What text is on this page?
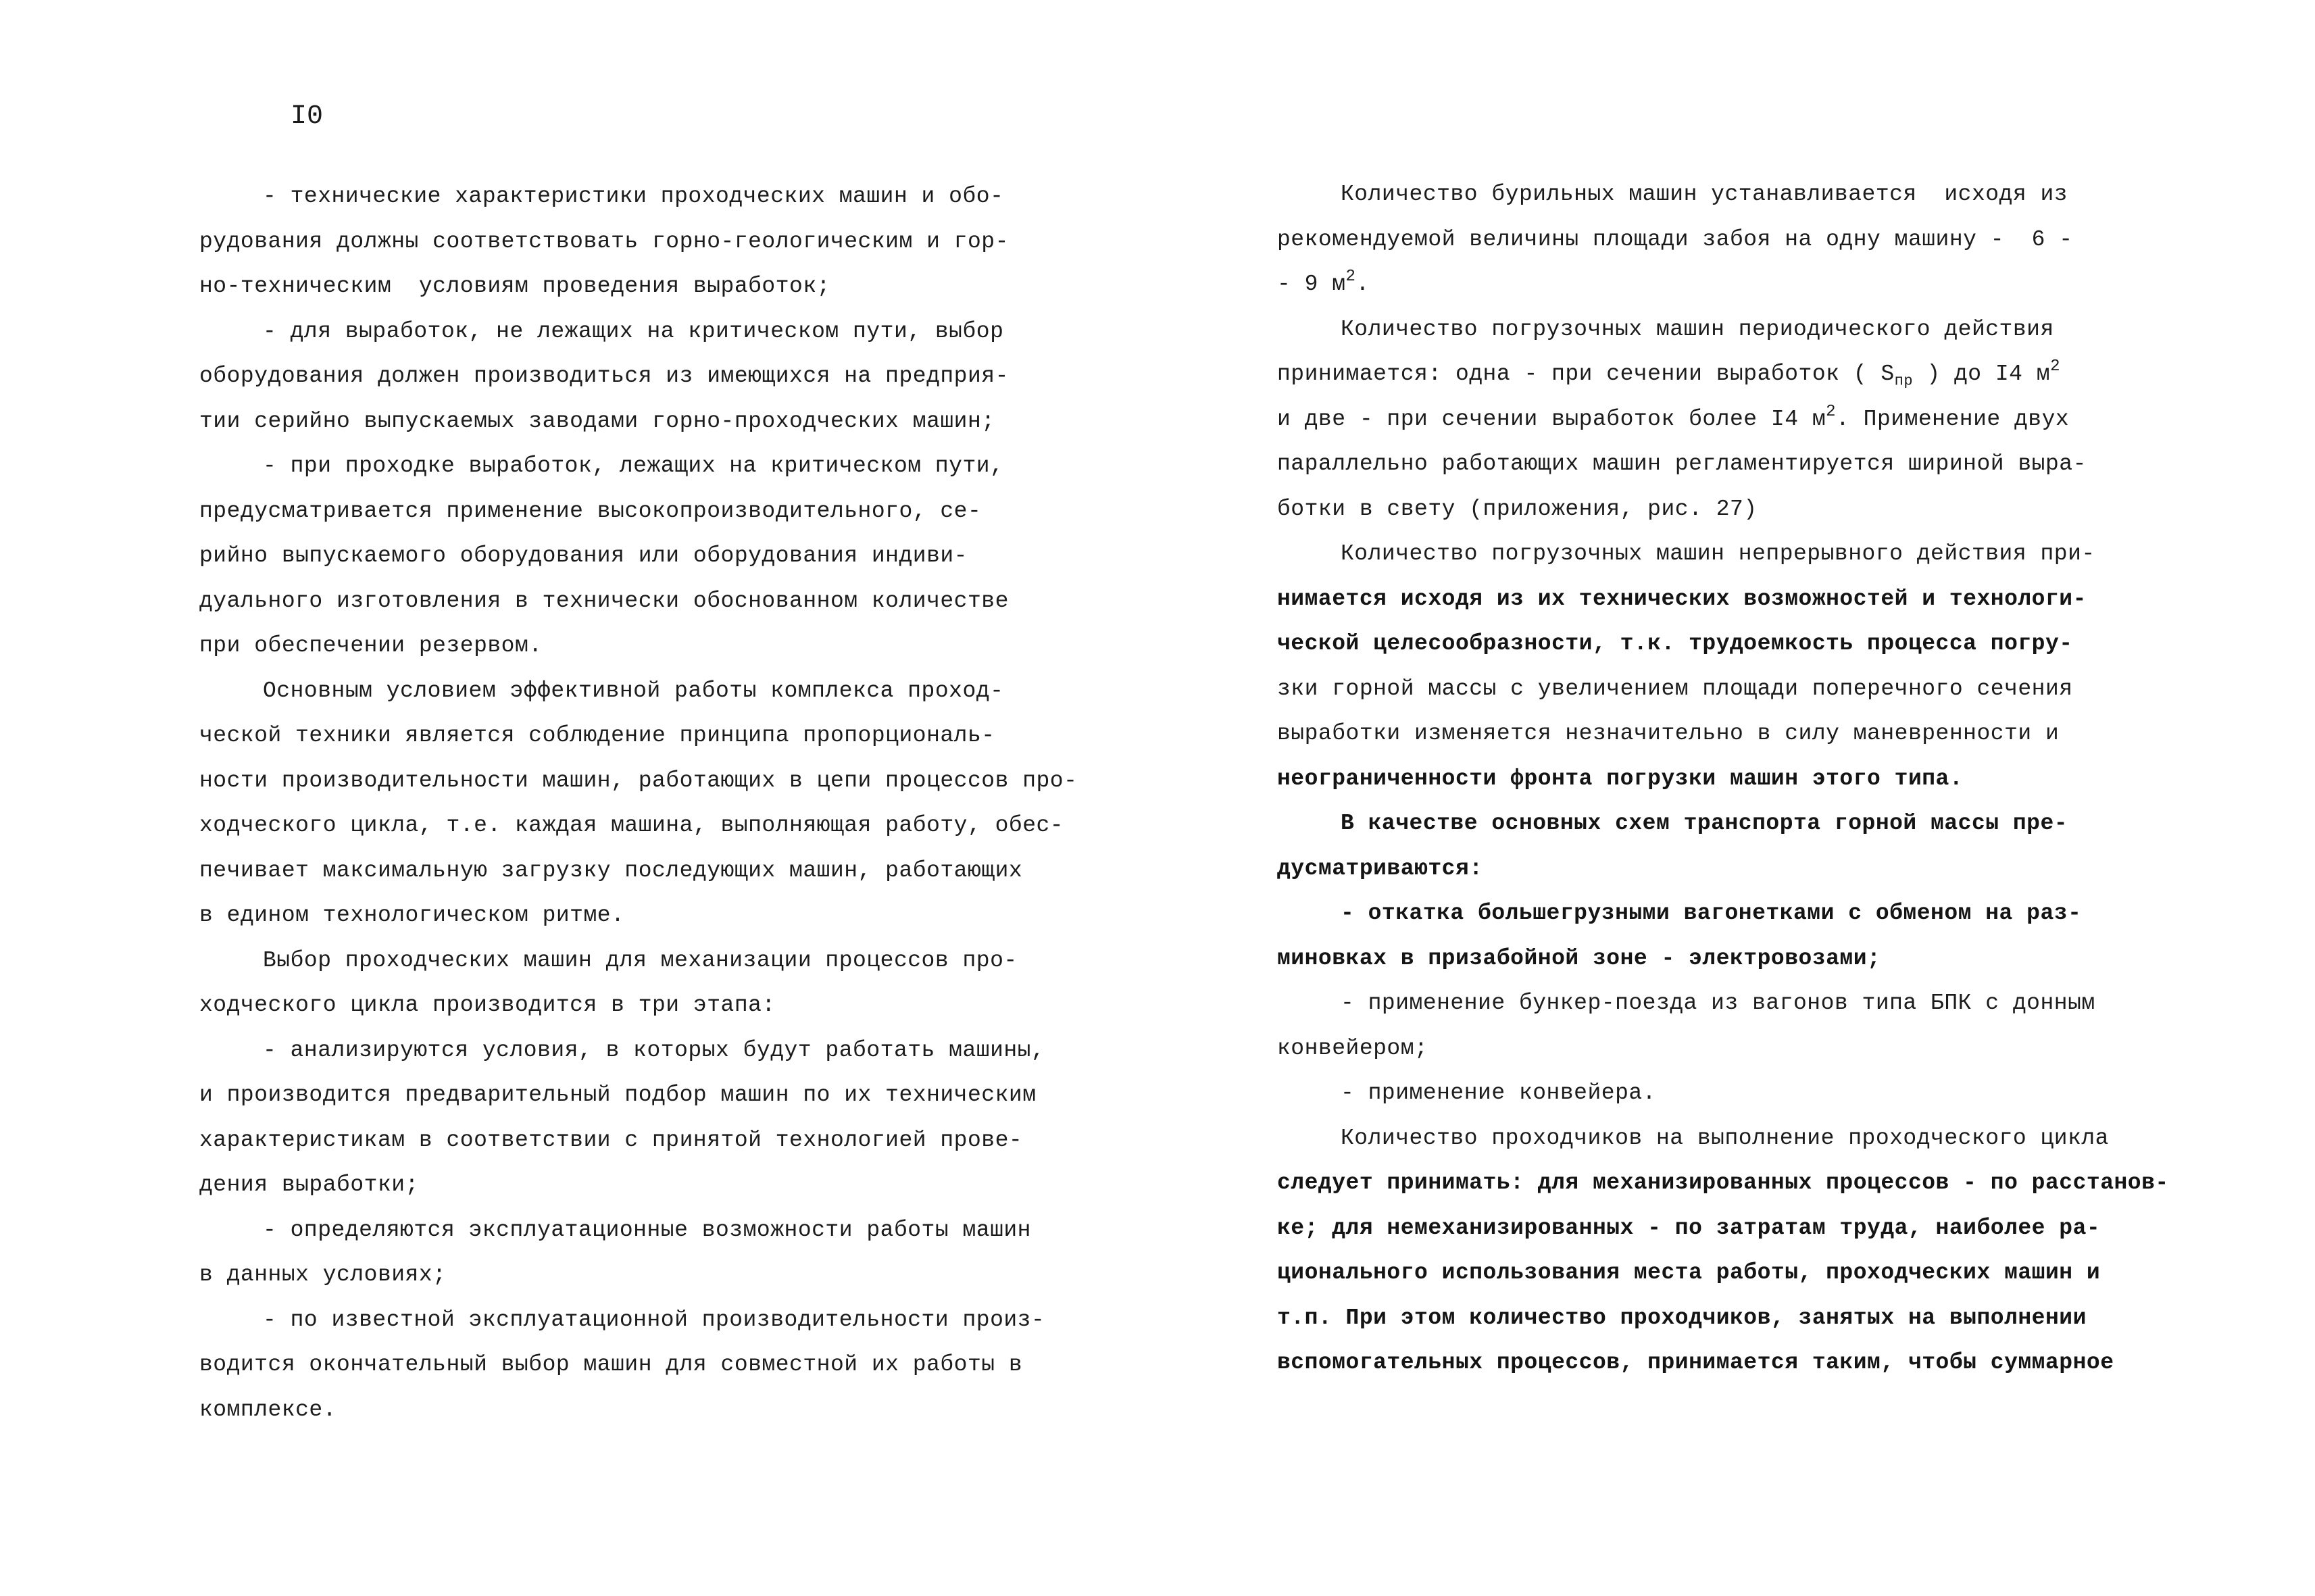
I0
- технические характеристики проходческих машин и обо-
рудования должны соответствовать горно-геологическим и гор-
но-техническим  условиям проведения выработок;
- для выработок, не лежащих на критическом пути, выбор
оборудования должен производиться из имеющихся на предприя-
тии серийно выпускаемых заводами горно-проходческих машин;
- при проходке выработок, лежащих на критическом пути,
предусматривается применение высокопроизводительного, се-
рийно выпускаемого оборудования или оборудования индиви-
дуального изготовления в технически обоснованном количестве
при обеспечении резервом.
Основным условием эффективной работы комплекса проход-
ческой техники является соблюдение принципа пропорциональ-
ности производительности машин, работающих в цепи процессов про-
ходческого цикла, т.е. каждая машина, выполняющая работу, обес-
печивает максимальную загрузку последующих машин, работающих
в едином технологическом ритме.
Выбор проходческих машин для механизации процессов про-
ходческого цикла производится в три этапа:
- анализируются условия, в которых будут работать машины,
и производится предварительный подбор машин по их техническим
характеристикам в соответствии с принятой технологией прове-
дения выработки;
- определяются эксплуатационные возможности работы машин
в данных условиях;
- по известной эксплуатационной производительности произ-
водится окончательный выбор машин для совместной их работы в
комплексе.
Количество бурильных машин устанавливается  исходя из
рекомендуемой величины площади забоя на одну машину -  6 -
- 9 $м^2$.
Количество погрузочных машин периодического действия
принимается: одна - при сечении выработок ( $S_{пр}$ ) до I4 $м^2$
и две - при сечении выработок более I4 $м^2$. Применение двух
параллельно работающих машин регламентируется шириной выра-
ботки в свету (приложения, рис. 27)
Количество погрузочных машин непрерывного действия при-
нимается исходя из их технических возможностей и технологи-
ческой целесообразности, т.к. трудоемкость процесса погру-
зки горной массы с увеличением площади поперечного сечения
выработки изменяется незначительно в силу маневренности и
неограниченности фронта погрузки машин этого типа.
В качестве основных схем транспорта горной массы пре-
дусматриваются:
- откатка большегрузными вагонетками с обменом на раз-
миновках в призабойной зоне - электровозами;
- применение бункер-поезда из вагонов типа БПК с донным
конвейером;
- применение конвейера.
Количество проходчиков на выполнение проходческого цикла
следует принимать: для механизированных процессов - по расстанов-
ке; для немеханизированных - по затратам труда, наиболее ра-
ционального использования места работы, проходческих машин и
т.п. При этом количество проходчиков, занятых на выполнении
вспомогательных процессов, принимается таким, чтобы суммарное
